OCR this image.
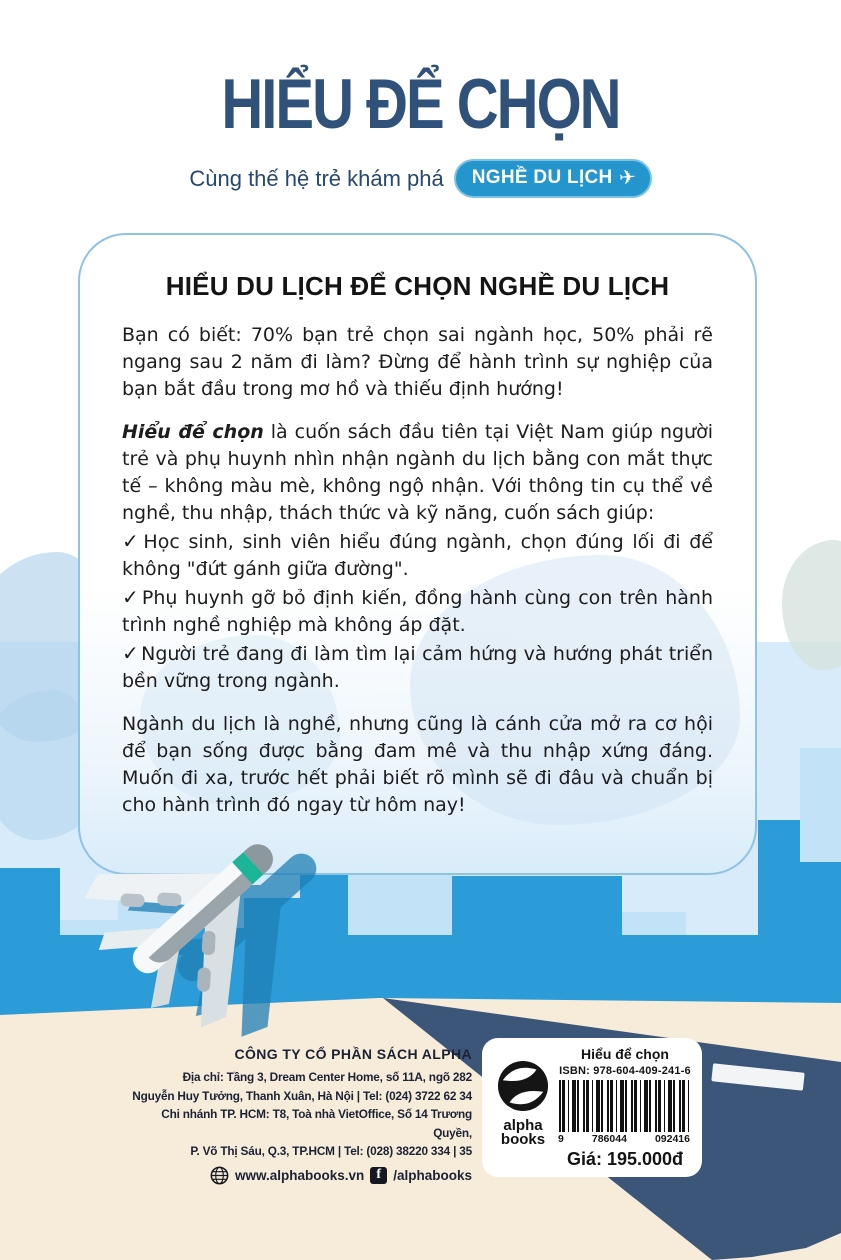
HIỂU ĐỂ CHỌN
Cùng thế hệ trẻ khám phá NGHỀ DU LỊCH ✈
HIỂU DU LỊCH ĐỂ CHỌN NGHỀ DU LỊCH

Bạn có biết: 70% bạn trẻ chọn sai ngành học, 50% phải rẽ ngang sau 2 năm đi làm? Đừng để hành trình sự nghiệp của bạn bắt đầu trong mơ hồ và thiếu định hướng!

Hiểu để chọn là cuốn sách đầu tiên tại Việt Nam giúp người trẻ và phụ huynh nhìn nhận ngành du lịch bằng con mắt thực tế – không màu mè, không ngộ nhận. Với thông tin cụ thể về nghề, thu nhập, thách thức và kỹ năng, cuốn sách giúp:

✓ Học sinh, sinh viên hiểu đúng ngành, chọn đúng lối đi để không "đứt gánh giữa đường".

✓ Phụ huynh gỡ bỏ định kiến, đồng hành cùng con trên hành trình nghề nghiệp mà không áp đặt.

✓ Người trẻ đang đi làm tìm lại cảm hứng và hướng phát triển bền vững trong ngành.

Ngành du lịch là nghề, nhưng cũng là cánh cửa mở ra cơ hội để bạn sống được bằng đam mê và thu nhập xứng đáng. Muốn đi xa, trước hết phải biết rõ mình sẽ đi đâu và chuẩn bị cho hành trình đó ngay từ hôm nay!

CÔNG TY CỔ PHẦN SÁCH ALPHA
Địa chỉ: Tầng 3, Dream Center Home, số 11A, ngõ 282
Nguyễn Huy Tưởng, Thanh Xuân, Hà Nội | Tel: (024) 3722 62 34
Chi nhánh TP. HCM: T8, Toà nhà VietOffice, Số 14 Trương Quyền,
P. Võ Thị Sáu, Q.3, TP.HCM | Tel: (028) 38220 334 | 35
www.alphabooks.vn f /alphabooks
alpha
books
Hiểu để chọn
ISBN: 978-604-409-241-6
9	786044	092416
Giá: 195.000đ
